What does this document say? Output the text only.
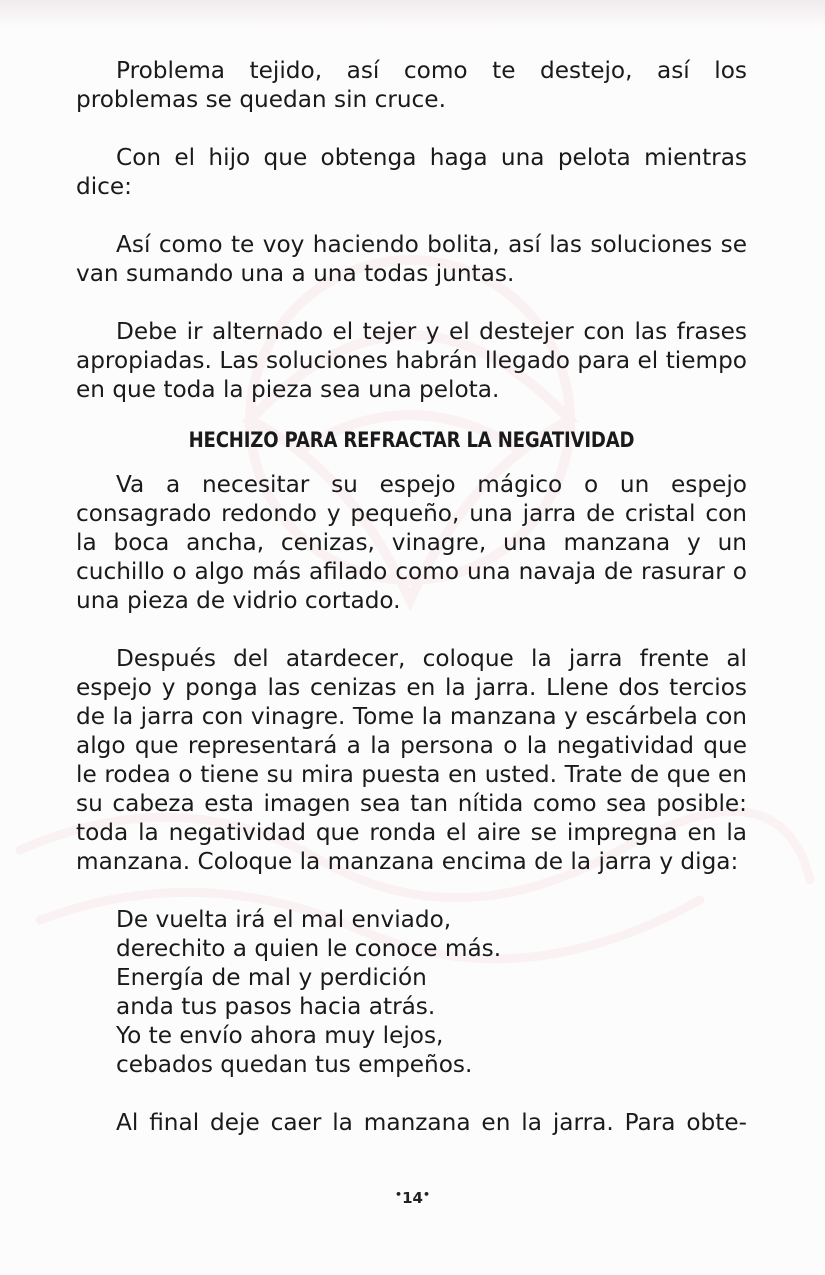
Problema tejido, así como te destejo, así los problemas se quedan sin cruce.

Con el hijo que obtenga haga una pelota mientras dice:

Así como te voy haciendo bolita, así las soluciones se van sumando una a una todas juntas.

Debe ir alternado el tejer y el destejer con las frases apropiadas. Las soluciones habrán llegado para el tiempo en que toda la pieza sea una pelota.

HECHIZO PARA REFRACTAR LA NEGATIVIDAD

Va a necesitar su espejo mágico o un espejo consagrado redondo y pequeño, una jarra de cristal con la boca ancha, cenizas, vinagre, una manzana y un cuchillo o algo más afilado como una navaja de rasurar o una pieza de vidrio cortado.

Después del atardecer, coloque la jarra frente al espejo y ponga las cenizas en la jarra. Llene dos tercios de la jarra con vinagre. Tome la manzana y escárbela con algo que representará a la persona o la negatividad que le rodea o tiene su mira puesta en usted. Trate de que en su cabeza esta imagen sea tan nítida como sea posible: toda la negatividad que ronda el aire se impregna en la manzana. Coloque la manzana encima de la jarra y diga:

De vuelta irá el mal enviado,
derechito a quien le conoce más.
Energía de mal y perdición
anda tus pasos hacia atrás.
Yo te envío ahora muy lejos,
cebados quedan tus empeños.

Al final deje caer la manzana en la jarra. Para obte-

•14•
